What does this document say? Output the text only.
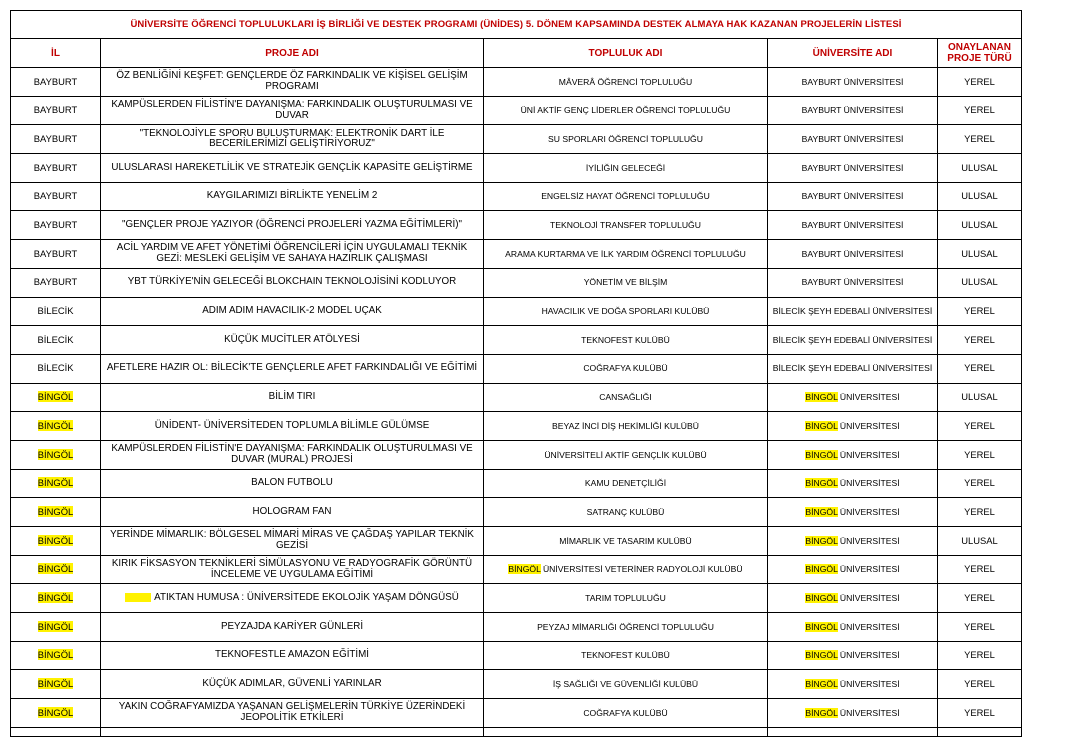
ÜNİVERSİTE ÖĞRENCİ TOPLULUKLARI İŞ BİRLİĞİ VE DESTEK PROGRAMI (ÜNİDES) 5. DÖNEM KAPSAMINDA DESTEK ALMAYA HAK KAZANAN PROJELERİN LİSTESİ				
İL	PROJE ADI	TOPLULUK ADI	ÜNİVERSİTE ADI	ONAYLANAN PROJE TÜRÜ
BAYBURT	ÖZ BENLİĞİNİ KEŞFET: GENÇLERDE ÖZ FARKINDALIK VE KİŞİSEL GELİŞİM PROGRAMI	MÂVERÂ ÖĞRENCİ TOPLULUĞU	BAYBURT ÜNİVERSİTESİ	YEREL
BAYBURT	KAMPÜSLERDEN FİLİSTİN'E DAYANIŞMA: FARKINDALIK OLUŞTURULMASI VE DUVAR	ÜNİ AKTİF GENÇ LİDERLER ÖĞRENCİ TOPLULUĞU	BAYBURT ÜNİVERSİTESİ	YEREL
BAYBURT	"TEKNOLOJİYLE SPORU BULUŞTURMAK: ELEKTRONİK DART İLE BECERİLERİMİZİ GELİŞTİRİYORUZ"	SU SPORLARI ÖĞRENCİ TOPLULUĞU	BAYBURT ÜNİVERSİTESİ	YEREL
BAYBURT	ULUSLARASI HAREKETLİLİK VE STRATEJİK GENÇLİK KAPASİTE GELİŞTİRME	İYİLİĞİN GELECEĞİ	BAYBURT ÜNİVERSİTESİ	ULUSAL
BAYBURT	KAYGILARIMIZI BİRLİKTE YENELİM 2	ENGELSİZ HAYAT ÖĞRENCİ TOPLULUĞU	BAYBURT ÜNİVERSİTESİ	ULUSAL
BAYBURT	"GENÇLER PROJE YAZIYOR (ÖĞRENCİ PROJELERİ YAZMA EĞİTİMLERİ)"	TEKNOLOJİ TRANSFER TOPLULUĞU	BAYBURT ÜNİVERSİTESİ	ULUSAL
BAYBURT	ACİL YARDIM VE AFET YÖNETİMİ ÖĞRENCİLERİ İÇİN UYGULAMALI TEKNİK GEZİ: MESLEKİ GELİŞİM VE SAHAYA HAZIRLIK ÇALIŞMASI	ARAMA KURTARMA VE İLK YARDIM ÖĞRENCİ TOPLULUĞU	BAYBURT ÜNİVERSİTESİ	ULUSAL
BAYBURT	YBT TÜRKİYE'NİN GELECEĞİ BLOKCHAIN TEKNOLOJİSİNİ KODLUYOR	YÖNETİM VE BİLŞİM	BAYBURT ÜNİVERSİTESİ	ULUSAL
BİLECİK	ADIM ADIM HAVACILIK-2 MODEL UÇAK	HAVACILIK VE DOĞA SPORLARI KULÜBÜ	BİLECİK ŞEYH EDEBALİ ÜNİVERSİTESİ	YEREL
BİLECİK	KÜÇÜK MUCİTLER ATÖLYESİ	TEKNOFEST KULÜBÜ	BİLECİK ŞEYH EDEBALİ ÜNİVERSİTESİ	YEREL
BİLECİK	AFETLERE HAZIR OL: BİLECİK'TE GENÇLERLE AFET FARKINDALIĞI VE EĞİTİMİ	COĞRAFYA KULÜBÜ	BİLECİK ŞEYH EDEBALİ ÜNİVERSİTESİ	YEREL
BİNGÖL	BİLİM TIRI	CANSAĞLIĞI	BİNGÖL ÜNİVERSİTESİ	ULUSAL
BİNGÖL	ÜNİDENT- ÜNİVERSİTEDEN TOPLUMLA BİLİMLE GÜLÜMSE	BEYAZ İNCİ DİŞ HEKİMLİĞİ KULÜBÜ	BİNGÖL ÜNİVERSİTESİ	YEREL
BİNGÖL	KAMPÜSLERDEN FİLİSTİN'E DAYANIŞMA: FARKINDALIK OLUŞTURULMASI VE DUVAR (MURAL) PROJESİ	ÜNİVERSİTELİ AKTİF GENÇLİK KULÜBÜ	BİNGÖL ÜNİVERSİTESİ	YEREL
BİNGÖL	BALON FUTBOLU	KAMU DENETÇİLİĞİ	BİNGÖL ÜNİVERSİTESİ	YEREL
BİNGÖL	HOLOGRAM FAN	SATRANÇ KULÜBÜ	BİNGÖL ÜNİVERSİTESİ	YEREL
BİNGÖL	YERİNDE MİMARLIK: BÖLGESEL MİMARİ MİRAS VE ÇAĞDAŞ YAPILAR TEKNİK GEZİSİ	MİMARLIK VE TASARIM KULÜBÜ	BİNGÖL ÜNİVERSİTESİ	ULUSAL
BİNGÖL	KIRIK FİKSASYON TEKNİKLERİ SİMÜLASYONU VE RADYOGRAFİK GÖRÜNTÜ İNCELEME VE UYGULAMA EĞİTİMİ	BİNGÖL ÜNİVERSİTESİ VETERİNER RADYOLOJİ KULÜBÜ	BİNGÖL ÜNİVERSİTESİ	YEREL
BİNGÖL	ATIKTAN HUMUSA : ÜNİVERSİTEDE EKOLOJİK YAŞAM DÖNGÜSÜ	TARIM TOPLULUĞU	BİNGÖL ÜNİVERSİTESİ	YEREL
BİNGÖL	PEYZAJDA KARİYER GÜNLERİ	PEYZAJ MİMARLIĞI ÖĞRENCİ TOPLULUĞU	BİNGÖL ÜNİVERSİTESİ	YEREL
BİNGÖL	TEKNOFESTLE AMAZON EĞİTİMİ	TEKNOFEST KULÜBÜ	BİNGÖL ÜNİVERSİTESİ	YEREL
BİNGÖL	KÜÇÜK ADIMLAR, GÜVENLİ YARINLAR	İŞ SAĞLIĞI VE GÜVENLİĞİ KULÜBÜ	BİNGÖL ÜNİVERSİTESİ	YEREL
BİNGÖL	YAKIN COĞRAFYAMIZDA YAŞANAN GELİŞMELERİN TÜRKİYE ÜZERİNDEKİ JEOPOLİTİK ETKİLERİ	COĞRAFYA KULÜBÜ	BİNGÖL ÜNİVERSİTESİ	YEREL
